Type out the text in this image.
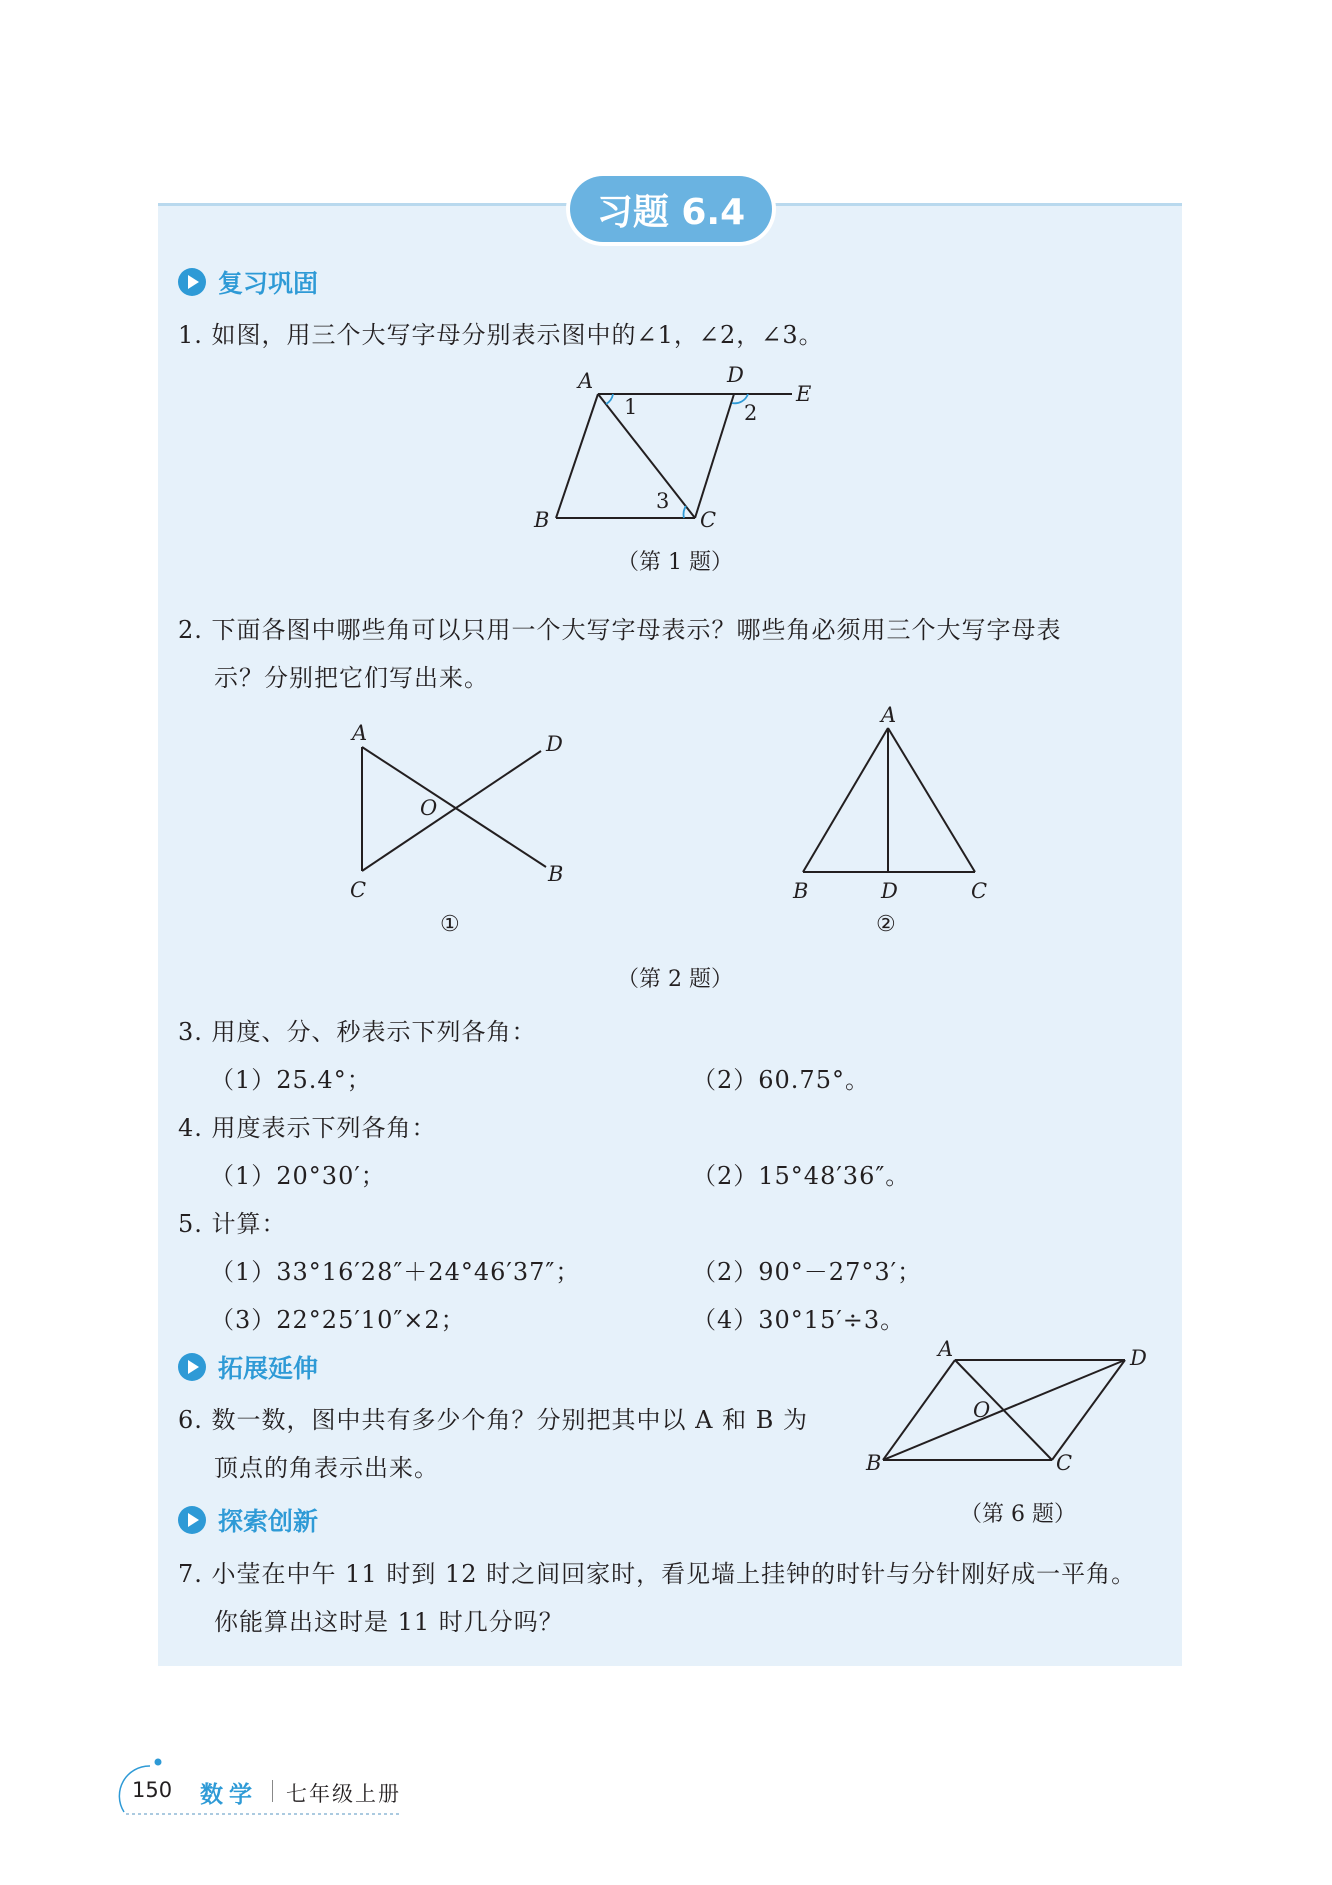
习题 6.4
复习巩固
1. 如图，用三个大写字母分别表示图中的∠1，∠2，∠3。
A	D
E
B	C
1	2
3
（第 1 题）
2. 下面各图中哪些角可以只用一个大写字母表示？哪些角必须用三个大写字母表
示？分别把它们写出来。
A	D
O
C
B
①
A
B	D	C
②
（第 2 题）
3. 用度、分、秒表示下列各角：
（1）25.4°；	（2）60.75°。
4. 用度表示下列各角：
（1）20°30′；	（2）15°48′36″。
5. 计算：
（1）33°16′28″＋24°46′37″；	（2）90°－27°3′；
（3）22°25′10″×2；	（4）30°15′÷3。
拓展延伸
6. 数一数，图中共有多少个角？分别把其中以 A 和 B 为
顶点的角表示出来。
A	D
O
B	C
（第 6 题）
探索创新
7. 小莹在中午 11 时到 12 时之间回家时，看见墙上挂钟的时针与分针刚好成一平角。
你能算出这时是 11 时几分吗？
150 数学 七年级上册
